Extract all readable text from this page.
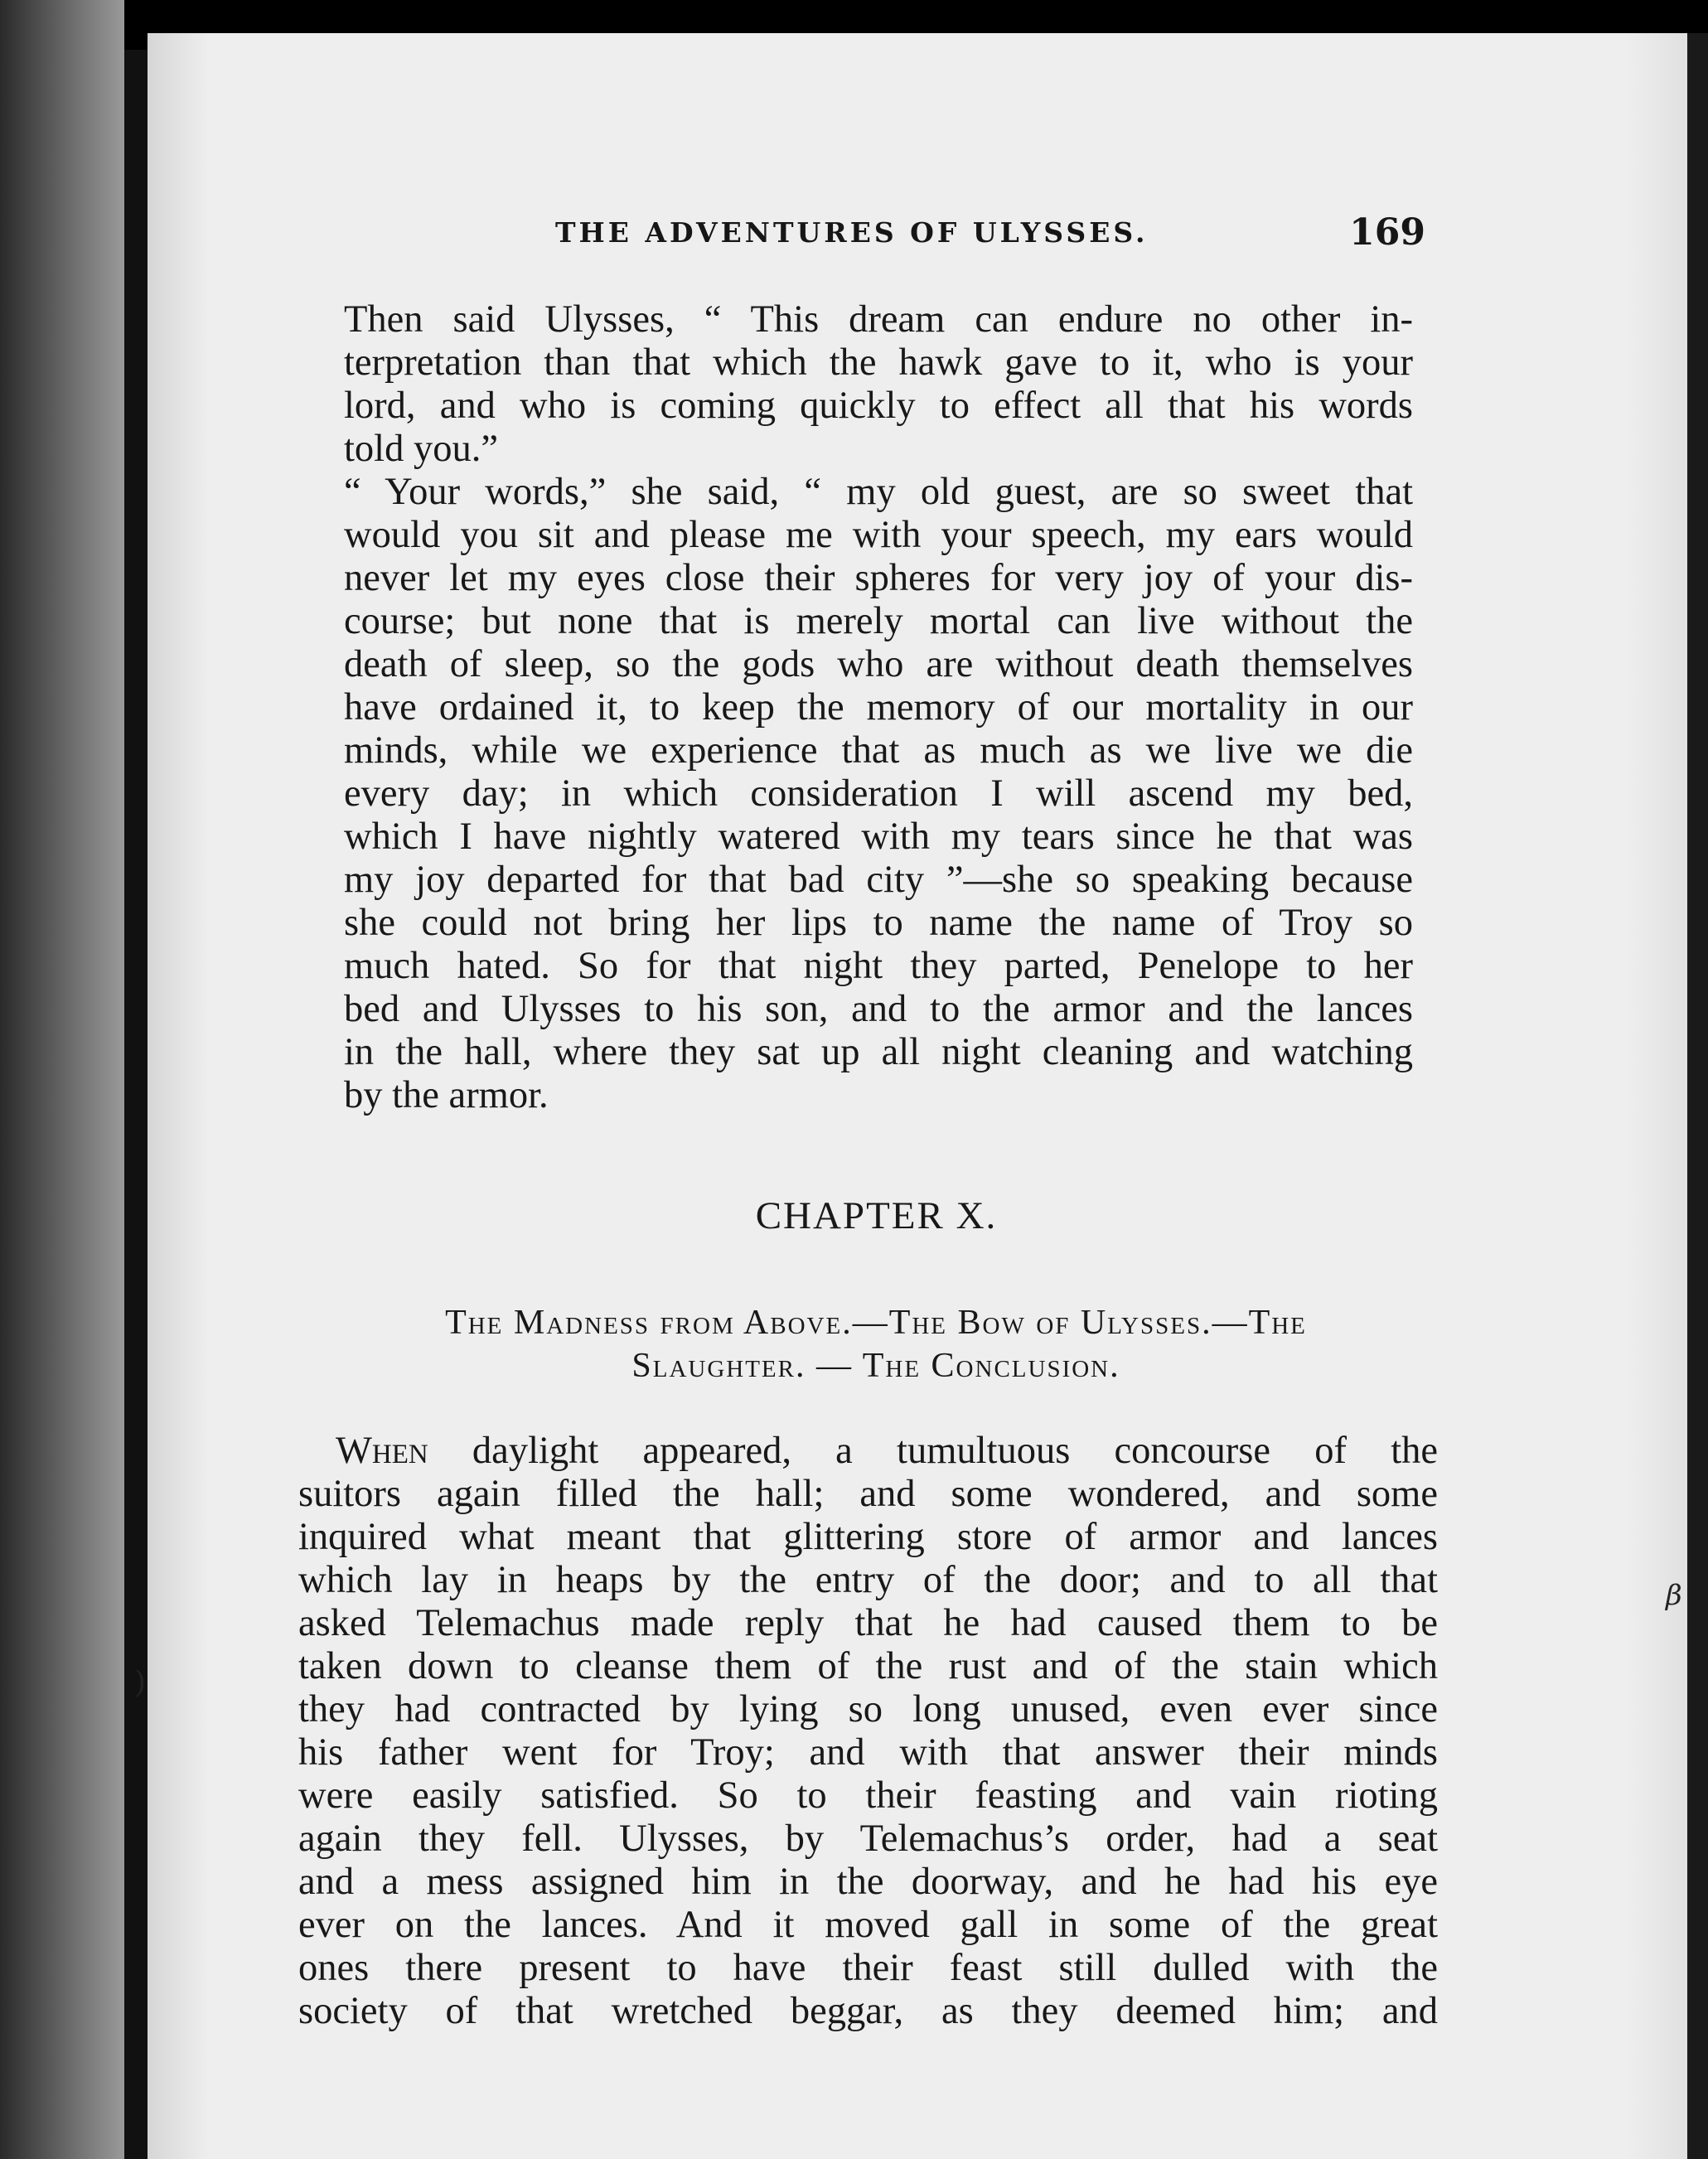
THE ADVENTURES OF ULYSSES.	169
Then said Ulysses, “ This dream can endure no other in-
terpretation than that which the hawk gave to it, who is your
lord, and who is coming quickly to effect all that his words
told you.”
“ Your words,” she said, “ my old guest, are so sweet that
would you sit and please me with your speech, my ears would
never let my eyes close their spheres for very joy of your dis-
course; but none that is merely mortal can live without the
death of sleep, so the gods who are without death themselves
have ordained it, to keep the memory of our mortality in our
minds, while we experience that as much as we live we die
every day; in which consideration I will ascend my bed,
which I have nightly watered with my tears since he that was
my joy departed for that bad city ”—she so speaking because
she could not bring her lips to name the name of Troy so
much hated. So for that night they parted, Penelope to her
bed and Ulysses to his son, and to the armor and the lances
in the hall, where they sat up all night cleaning and watching
by the armor.
CHAPTER X.
The Madness from Above.—The Bow of Ulysses.—The
Slaughter. — The Conclusion.
When daylight appeared, a tumultuous concourse of the
suitors again filled the hall; and some wondered, and some
inquired what meant that glittering store of armor and lances
which lay in heaps by the entry of the door; and to all that
asked Telemachus made reply that he had caused them to be
taken down to cleanse them of the rust and of the stain which
they had contracted by lying so long unused, even ever since
his father went for Troy; and with that answer their minds
were easily satisfied. So to their feasting and vain rioting
again they fell. Ulysses, by Telemachus’s order, had a seat
and a mess assigned him in the doorway, and he had his eye
ever on the lances. And it moved gall in some of the great
ones there present to have their feast still dulled with the
society of that wretched beggar, as they deemed him; and
)
β
